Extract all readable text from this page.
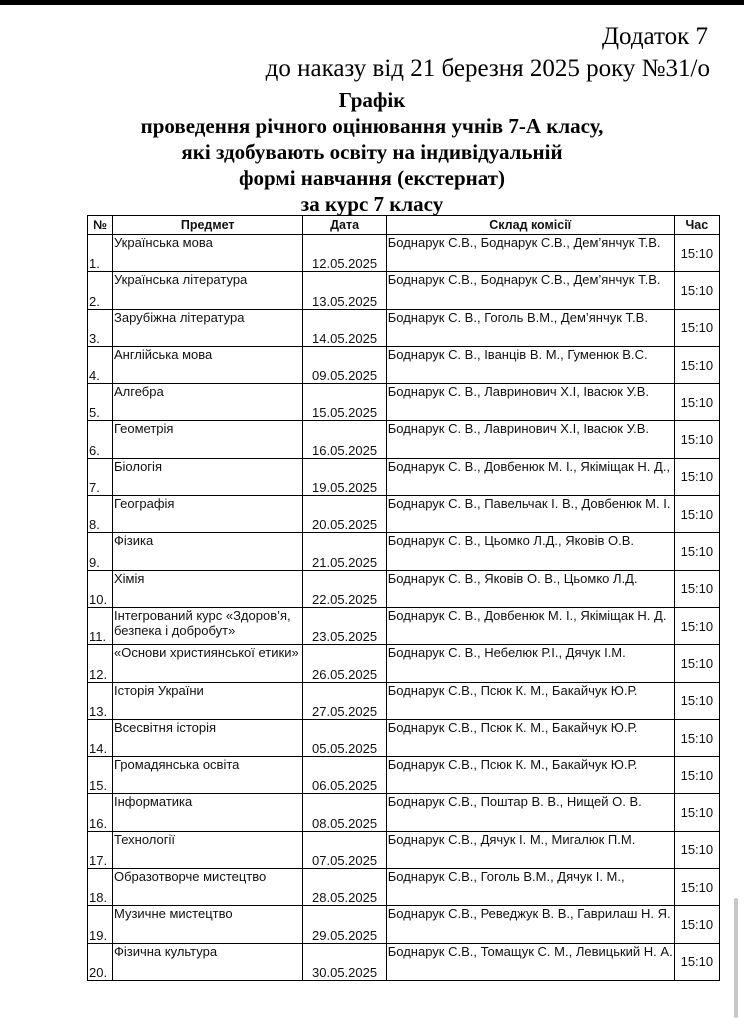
Додаток 7
до наказу від 21 березня 2025 року №31/о
Графік
проведення річного оцінювання учнів 7-А класу,
які здобувають освіту на індивідуальній
формі навчання (екстернат)
за курс 7 класу
№	Предмет	Дата	Склад комісії	Час
1.	Українська мова	12.05.2025	Боднарук С.В., Боднарук С.В., Дем’янчук Т.В.	15:10
2.	Українська література	13.05.2025	Боднарук С.В., Боднарук С.В., Дем’янчук Т.В.	15:10
3.	Зарубіжна література	14.05.2025	Боднарук С. В., Гоголь В.М., Дем’янчук Т.В.	15:10
4.	Англійська мова	09.05.2025	Боднарук С. В., Іванців В. М., Гуменюк В.С.	15:10
5.	Алгебра	15.05.2025	Боднарук С. В., Лавринович Х.І, Івасюк У.В.	15:10
6.	Геометрія	16.05.2025	Боднарук С. В., Лавринович Х.І, Івасюк У.В.	15:10
7.	Біологія	19.05.2025	Боднарук С. В., Довбенюк М. І., Якіміщак Н. Д.,	15:10
8.	Географія	20.05.2025	Боднарук С. В., Павельчак І. В., Довбенюк М. І.	15:10
9.	Фізика	21.05.2025	Боднарук С. В., Цьомко Л.Д., Яковів О.В.	15:10
10.	Хімія	22.05.2025	Боднарук С. В., Яковів О. В., Цьомко Л.Д.	15:10
11.	Інтегрований курс «Здоров’я, безпека і добробут»	23.05.2025	Боднарук С. В., Довбенюк М. І., Якіміщак Н. Д.	15:10
12.	«Основи християнської етики»	26.05.2025	Боднарук С. В., Небелюк Р.І., Дячук І.М.	15:10
13.	Історія України	27.05.2025	Боднарук С.В., Псюк К. М., Бакайчук Ю.Р.	15:10
14.	Всесвітня історія	05.05.2025	Боднарук С.В., Псюк К. М., Бакайчук Ю.Р.	15:10
15.	Громадянська освіта	06.05.2025	Боднарук С.В., Псюк К. М., Бакайчук Ю.Р.	15:10
16.	Інформатика	08.05.2025	Боднарук С.В., Поштар В. В., Нищей О. В.	15:10
17.	Технології	07.05.2025	Боднарук С.В., Дячук І. М., Мигалюк П.М.	15:10
18.	Образотворче мистецтво	28.05.2025	Боднарук С.В., Гоголь В.М., Дячук І. М.,	15:10
19.	Музичне мистецтво	29.05.2025	Боднарук С.В., Реведжук В. В., Гаврилаш Н. Я.	15:10
20.	Фізична культура	30.05.2025	Боднарук С.В., Томащук С. М., Левицький Н. А.	15:10
